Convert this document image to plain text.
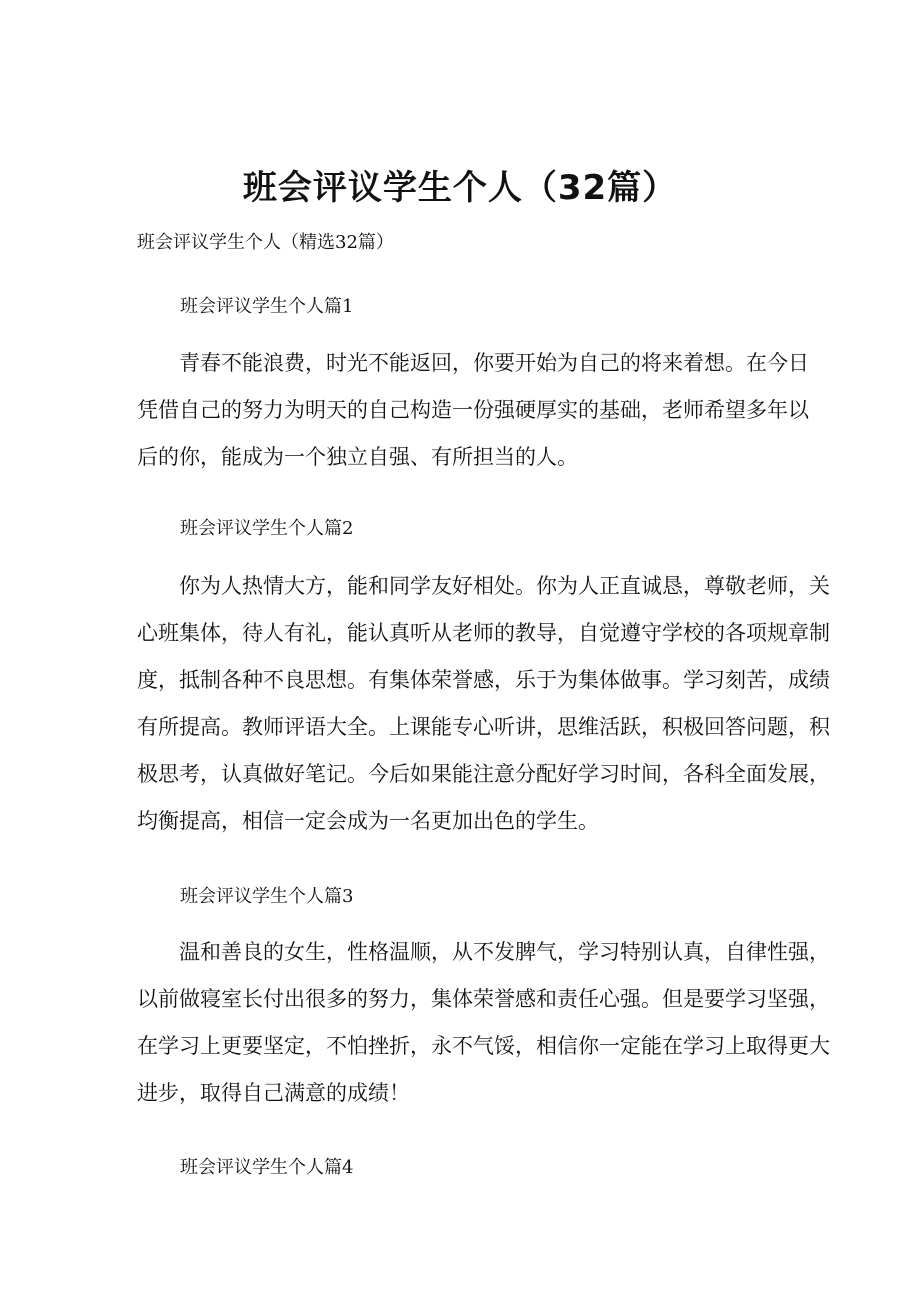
班会评议学生个人（32篇）
班会评议学生个人（精选32篇）
班会评议学生个人篇1
青春不能浪费，时光不能返回，你要开始为自己的将来着想。在今日
凭借自己的努力为明天的自己构造一份强硬厚实的基础，老师希望多年以
后的你，能成为一个独立自强、有所担当的人。
班会评议学生个人篇2
你为人热情大方，能和同学友好相处。你为人正直诚恳，尊敬老师，关
心班集体，待人有礼，能认真听从老师的教导，自觉遵守学校的各项规章制
度，抵制各种不良思想。有集体荣誉感，乐于为集体做事。学习刻苦，成绩
有所提高。教师评语大全。上课能专心听讲，思维活跃，积极回答问题，积
极思考，认真做好笔记。今后如果能注意分配好学习时间，各科全面发展，
均衡提高，相信一定会成为一名更加出色的学生。
班会评议学生个人篇3
温和善良的女生，性格温顺，从不发脾气，学习特别认真，自律性强，
以前做寝室长付出很多的努力，集体荣誉感和责任心强。但是要学习坚强，
在学习上更要坚定，不怕挫折，永不气馁，相信你一定能在学习上取得更大
进步，取得自己满意的成绩！
班会评议学生个人篇4
